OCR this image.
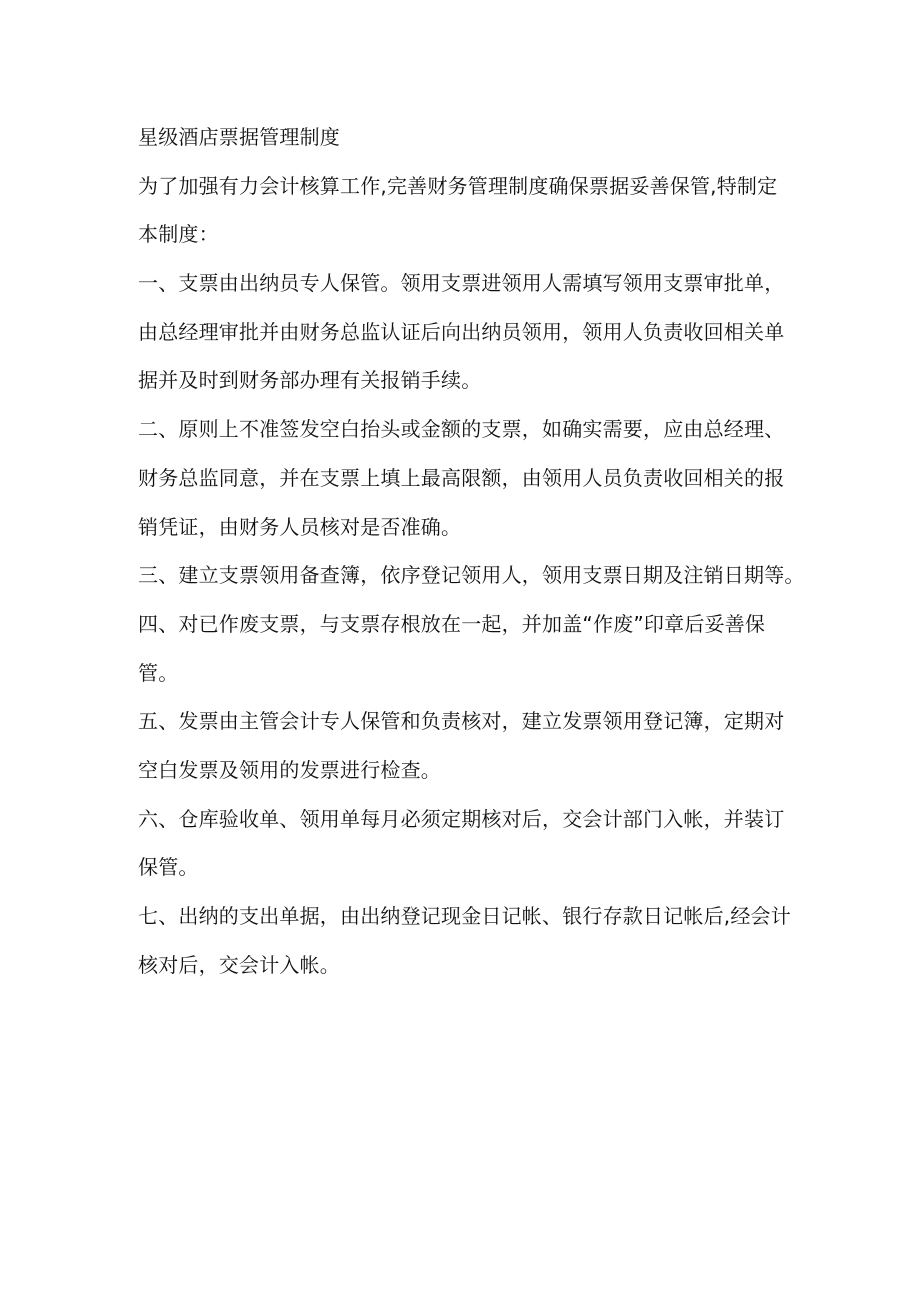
星级酒店票据管理制度
为了加强有力会计核算工作,完善财务管理制度确保票据妥善保管,特制定
本制度：
一、支票由出纳员专人保管。领用支票进领用人需填写领用支票审批单，
由总经理审批并由财务总监认证后向出纳员领用，领用人负责收回相关单
据并及时到财务部办理有关报销手续。
二、原则上不准签发空白抬头或金额的支票，如确实需要，应由总经理、
财务总监同意，并在支票上填上最高限额，由领用人员负责收回相关的报
销凭证，由财务人员核对是否准确。
三、建立支票领用备查簿，依序登记领用人，领用支票日期及注销日期等。
四、对已作废支票，与支票存根放在一起，并加盖“作废”印章后妥善保
管。
五、发票由主管会计专人保管和负责核对，建立发票领用登记簿，定期对
空白发票及领用的发票进行检查。
六、仓库验收单、领用单每月必须定期核对后，交会计部门入帐，并装订
保管。
七、出纳的支出单据，由出纳登记现金日记帐、银行存款日记帐后,经会计
核对后，交会计入帐。
